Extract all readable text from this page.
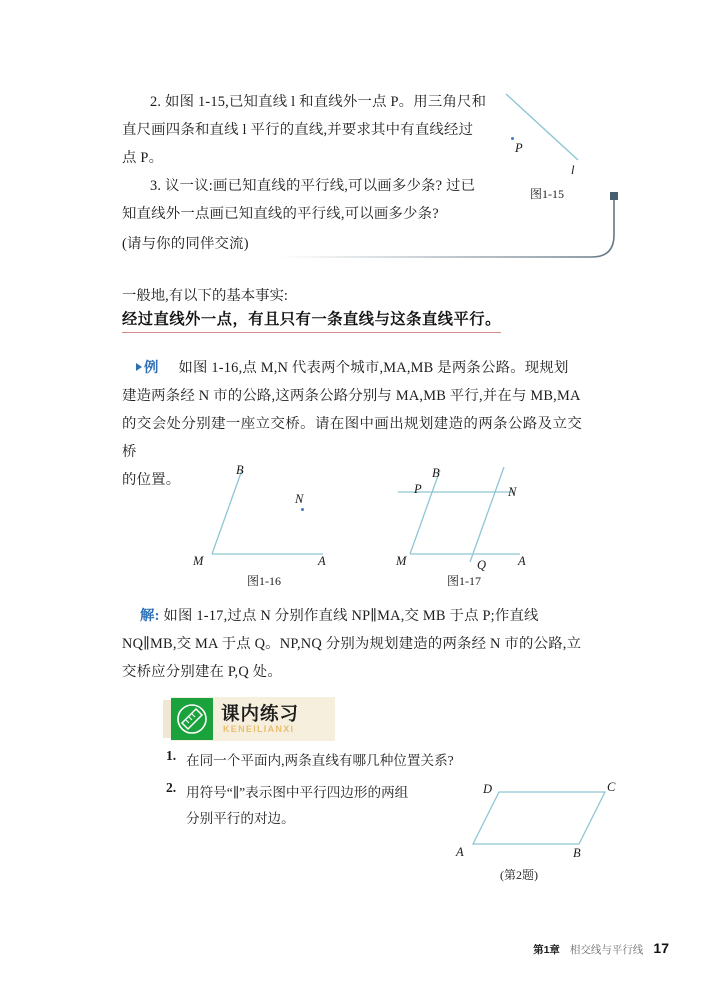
P
l
图1-15
2. 如图 1-15,已知直线 l 和直线外一点 P。用三角尺和
直尺画四条和直线 l 平行的直线,并要求其中有直线经过
点 P。
3. 议一议:画已知直线的平行线,可以画多少条? 过已
知直线外一点画已知直线的平行线,可以画多少条?
(请与你的同伴交流)
一般地,有以下的基本事实:
经过直线外一点，有且只有一条直线与这条直线平行。
例 如图 1-16,点 M,N 代表两个城市,MA,MB 是两条公路。现规划
建造两条经 N 市的公路,这两条公路分别与 MA,MB 平行,并在与 MB,MA
的交会处分别建一座立交桥。请在图中画出规划建造的两条公路及立交桥
的位置。
B
N
M	A
图1-16
B
P	N
M	Q	A
图1-17
解: 如图 1-17,过点 N 分别作直线 NP∥MA,交 MB 于点 P;作直线
NQ∥MB,交 MA 于点 Q。NP,NQ 分别为规划建造的两条经 N 市的公路,立
交桥应分别建在 P,Q 处。
课内练习
KENEILIANXI
1. 在同一个平面内,两条直线有哪几种位置关系?
2. 用符号“∥”表示图中平行四边形的两组
分别平行的对边。
D	C
A	B
(第2题)
第1章 相交线与平行线 17
